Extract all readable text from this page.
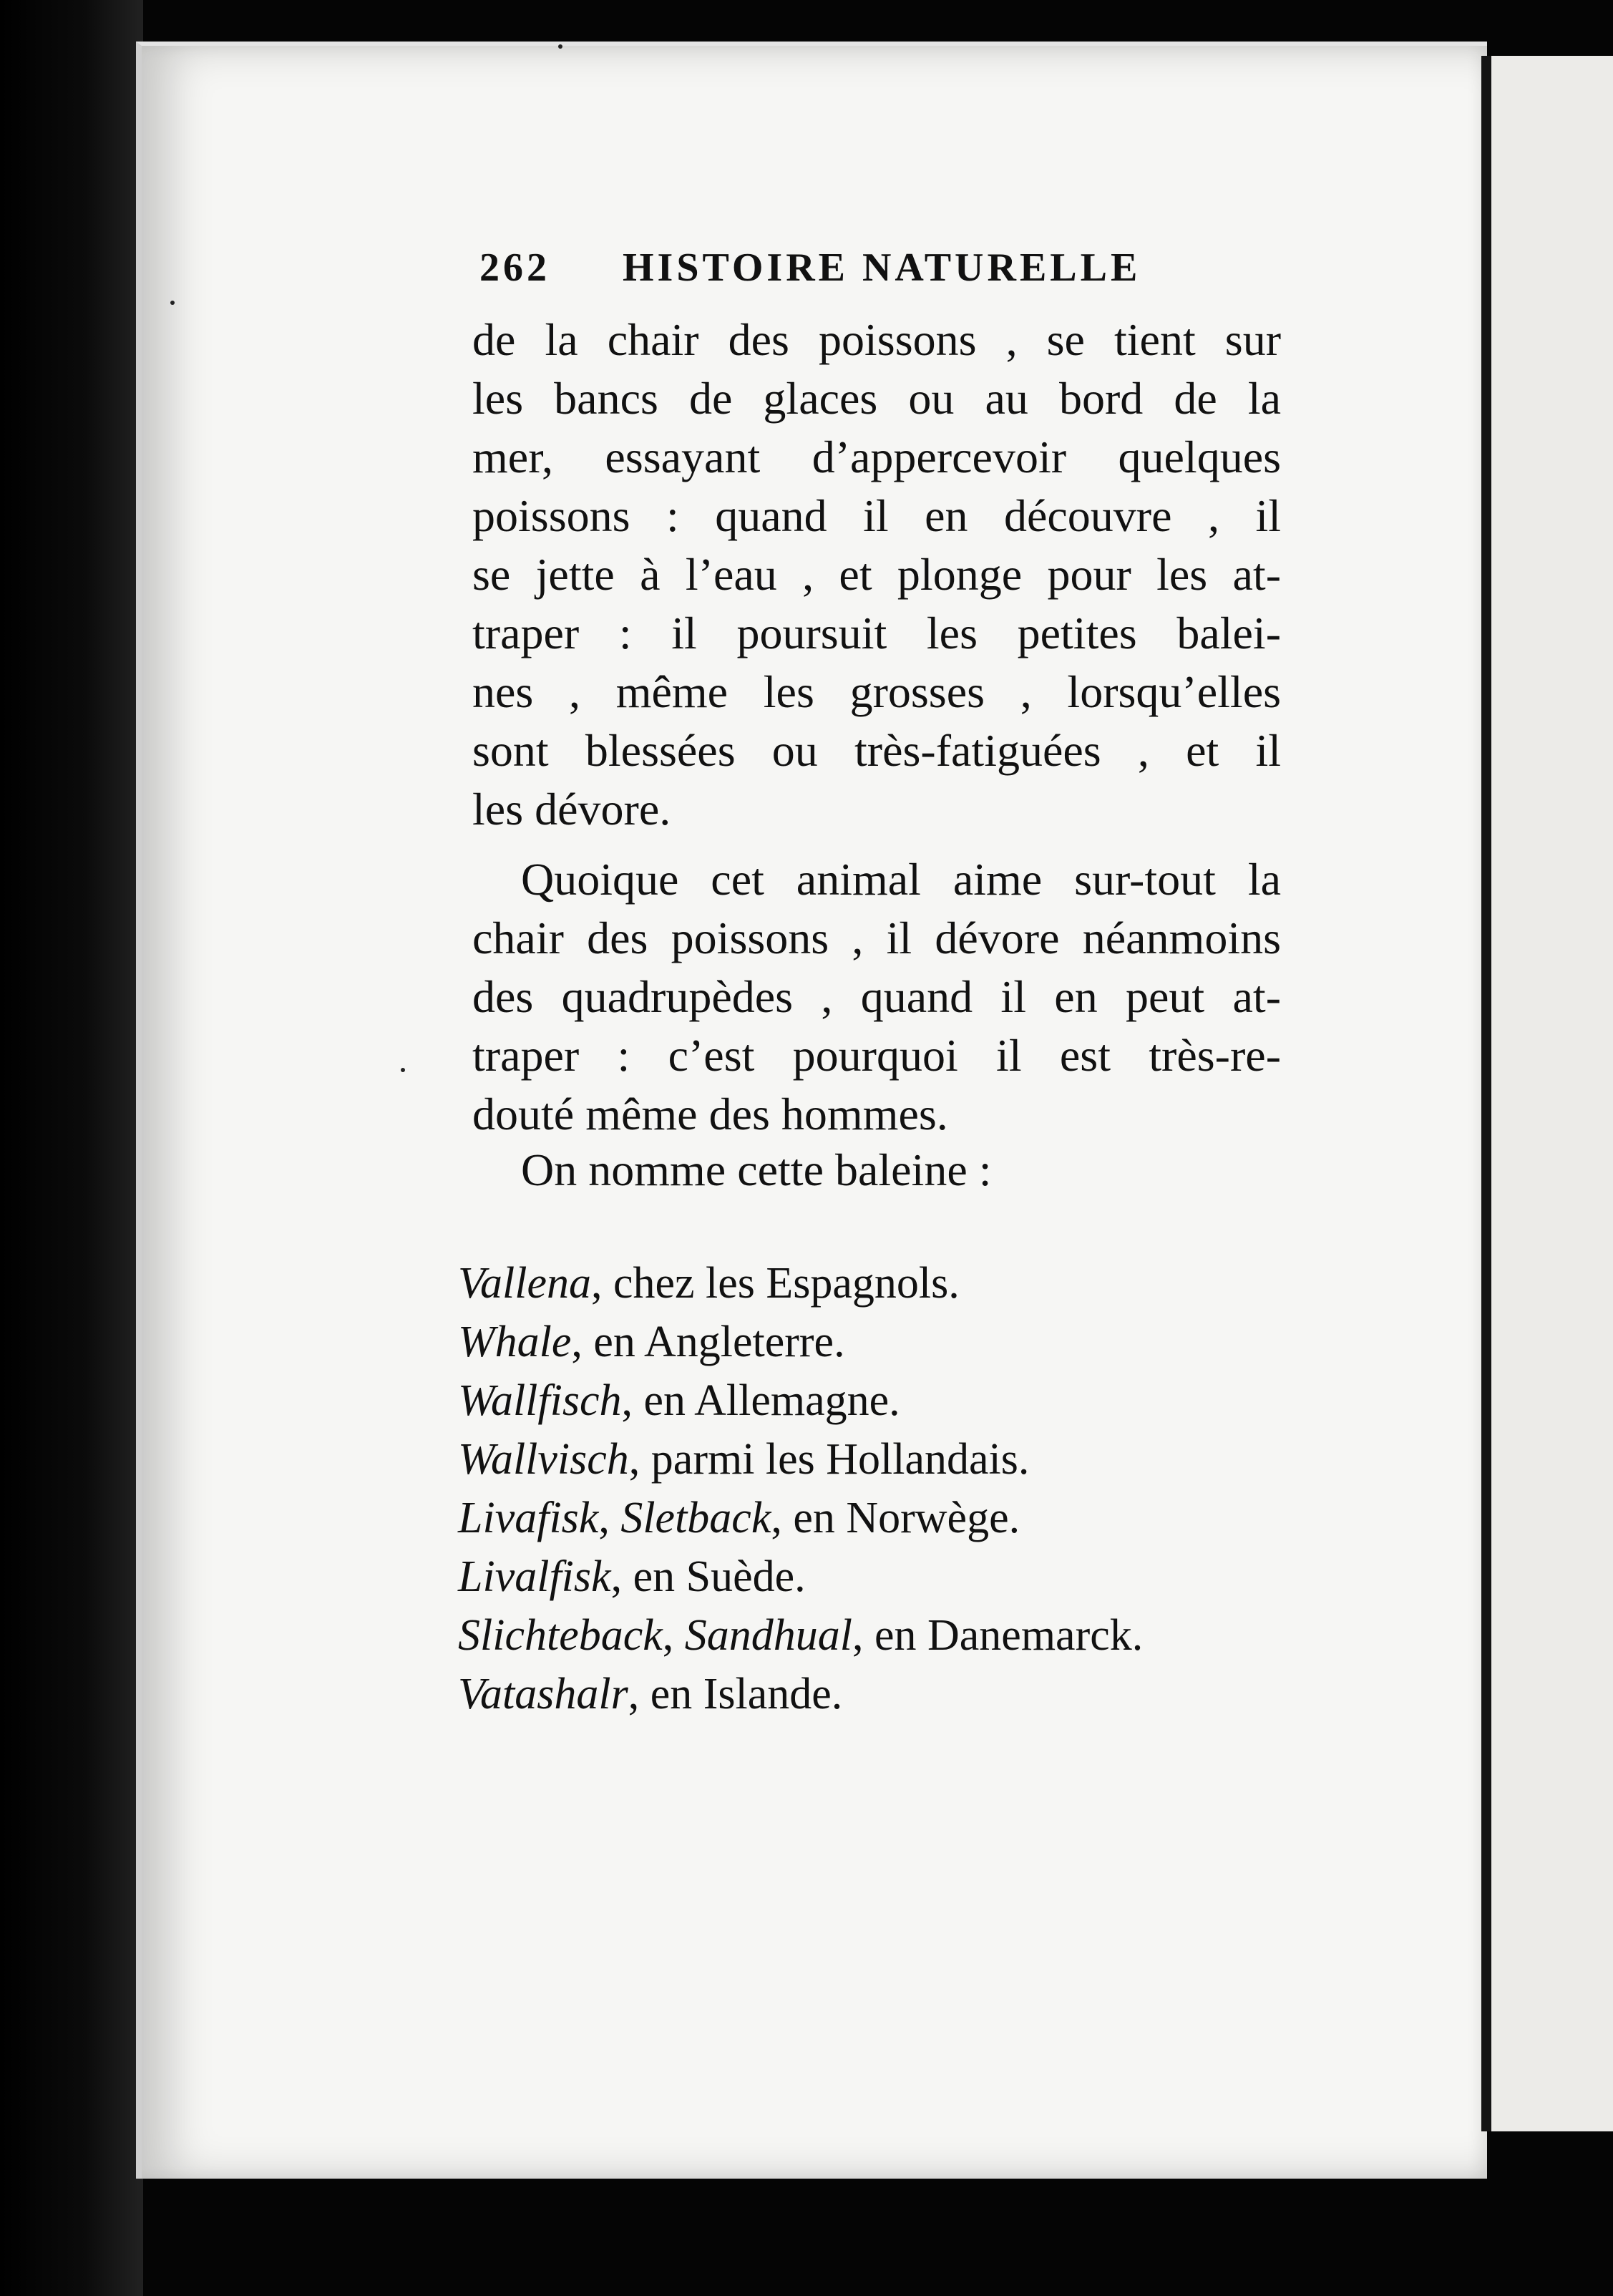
262 HISTOIRE NATURELLE
de la chair des poissons , se tient sur
les bancs de glaces ou au bord de la
mer, essayant d’appercevoir quelques
poissons : quand il en découvre , il
se jette à l’eau , et plonge pour les at-
traper : il poursuit les petites balei-
nes , même les grosses , lorsqu’elles
sont blessées ou très-fatiguées , et il
les dévore.
Quoique cet animal aime sur-tout la
chair des poissons , il dévore néanmoins
des quadrupèdes , quand il en peut at-
traper : c’est pourquoi il est très-re-
douté même des hommes.
On nomme cette baleine :
Vallena, chez les Espagnols.
Whale, en Angleterre.
Wallfisch, en Allemagne.
Wallvisch, parmi les Hollandais.
Livafisk, Sletback, en Norwège.
Livalfisk, en Suède.
Slichteback, Sandhual, en Danemarck.
Vatashalr, en Islande.
